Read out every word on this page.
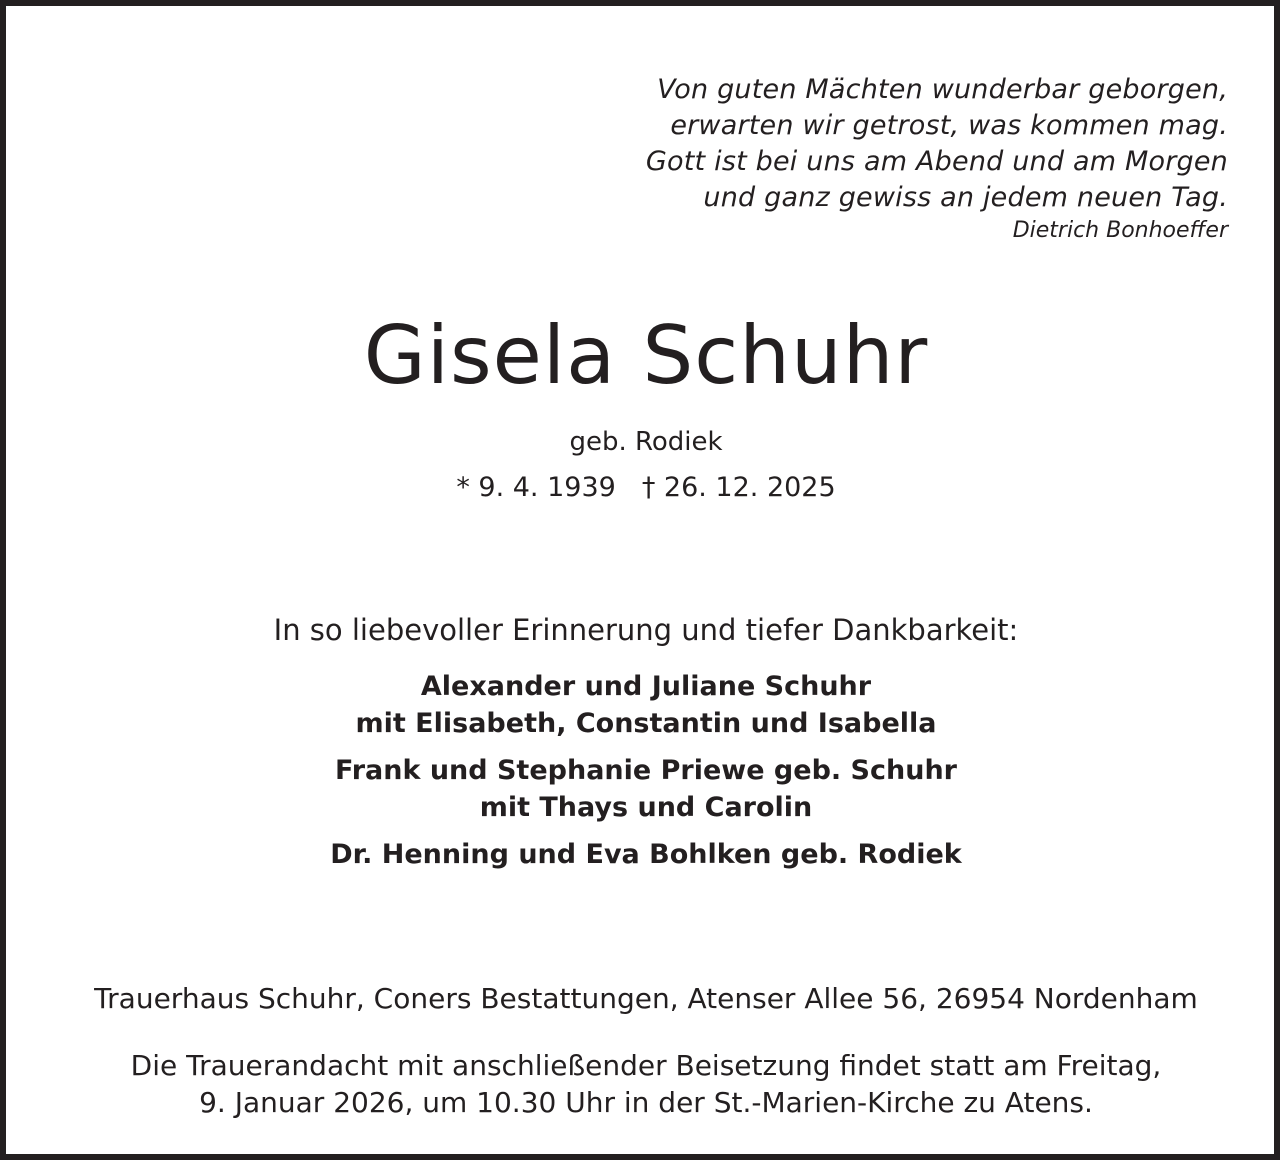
Von guten Mächten wunderbar geborgen,
erwarten wir getrost, was kommen mag.
Gott ist bei uns am Abend und am Morgen
und ganz gewiss an jedem neuen Tag.
Dietrich Bonhoeffer
Gisela Schuhr
geb. Rodiek
* 9. 4. 1939 † 26. 12. 2025
In so liebevoller Erinnerung und tiefer Dankbarkeit:
Alexander und Juliane Schuhr
mit Elisabeth, Constantin und Isabella
Frank und Stephanie Priewe geb. Schuhr
mit Thays und Carolin
Dr. Henning und Eva Bohlken geb. Rodiek
Trauerhaus Schuhr, Coners Bestattungen, Atenser Allee 56, 26954 Nordenham
Die Trauerandacht mit anschließender Beisetzung findet statt am Freitag,
9. Januar 2026, um 10.30 Uhr in der St.-Marien-Kirche zu Atens.
